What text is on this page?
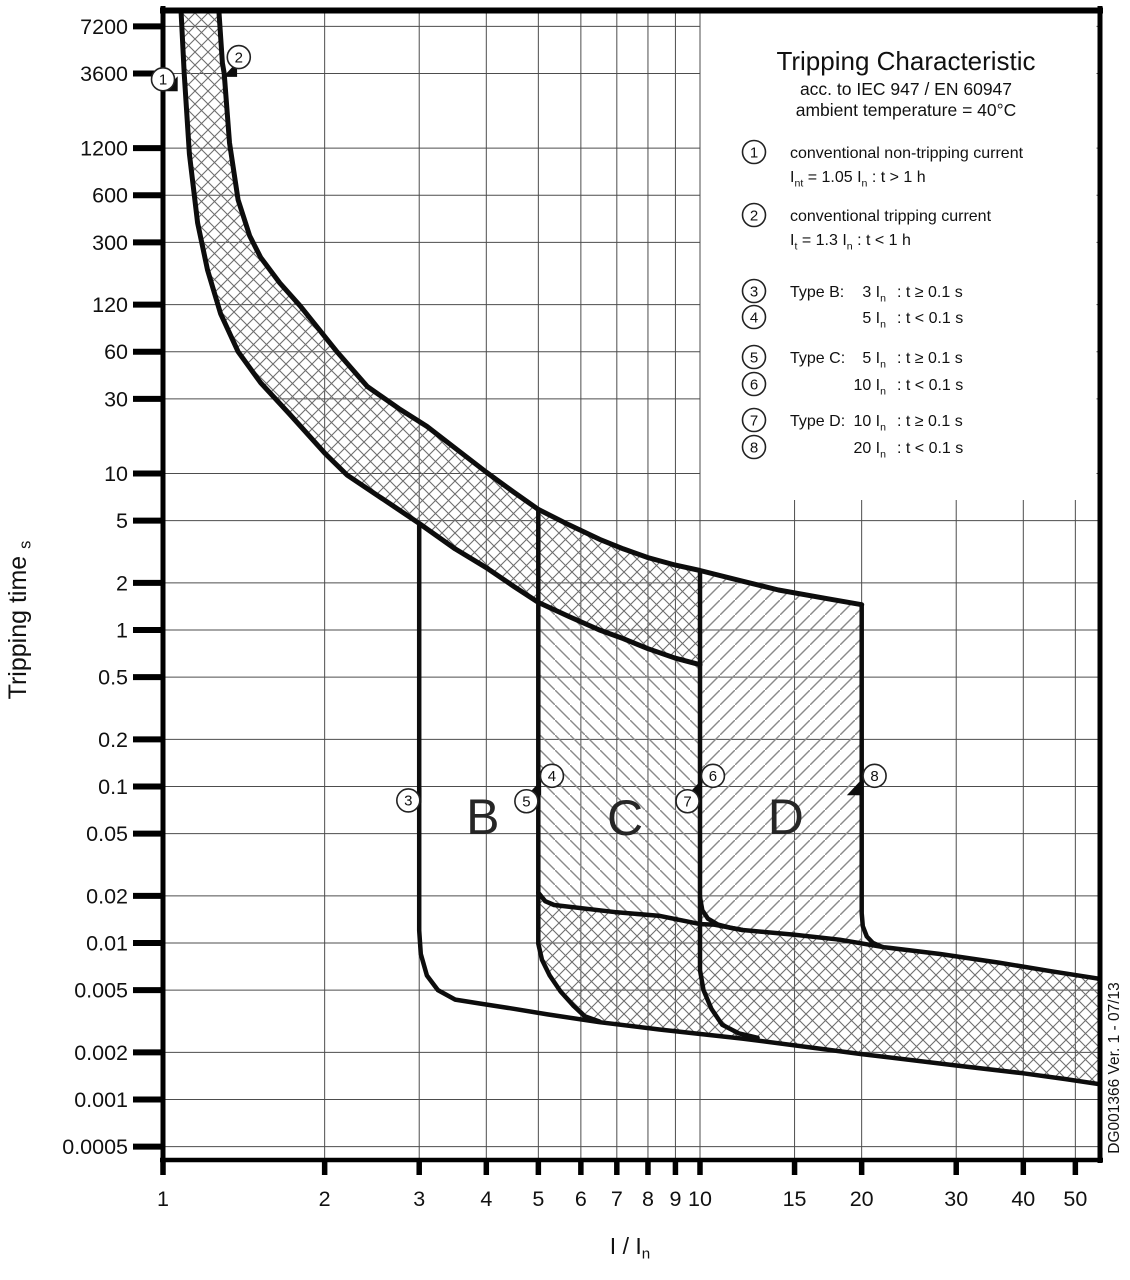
7200
3600
1200
600
300
120
60
30
10
5
2
1
0.5
0.2
0.1
0.05
0.02
0.01
0.005
0.002
0.001
0.0005
1	2	3	4 5 6 7 8 9 10	15 20	30 40 50
Tripping time s
I / In
B C D
1
2
3
4
5
6
7
8
Tripping Characteristic
acc. to IEC 947 / EN 60947
ambient temperature = 40°C
1 conventional non-tripping current
$I_{nt} = 1.05$ $I_n$ : t > 1 h
2 conventional tripping current
$I_t = 1.3$ $I_n$ : t < 1 h
3
4
Type B: 3 $I_n$ : t ≥ 0.1 s
5 $I_n$ : t < 0.1 s
5
6
Type C: 5 $I_n$ : t ≥ 0.1 s
10 $I_n$ : t < 0.1 s
7
8
Type D: 10 $I_n$ : t ≥ 0.1 s
20 $I_n$ : t < 0.1 s
DG001366 Ver. 1 - 07/13
